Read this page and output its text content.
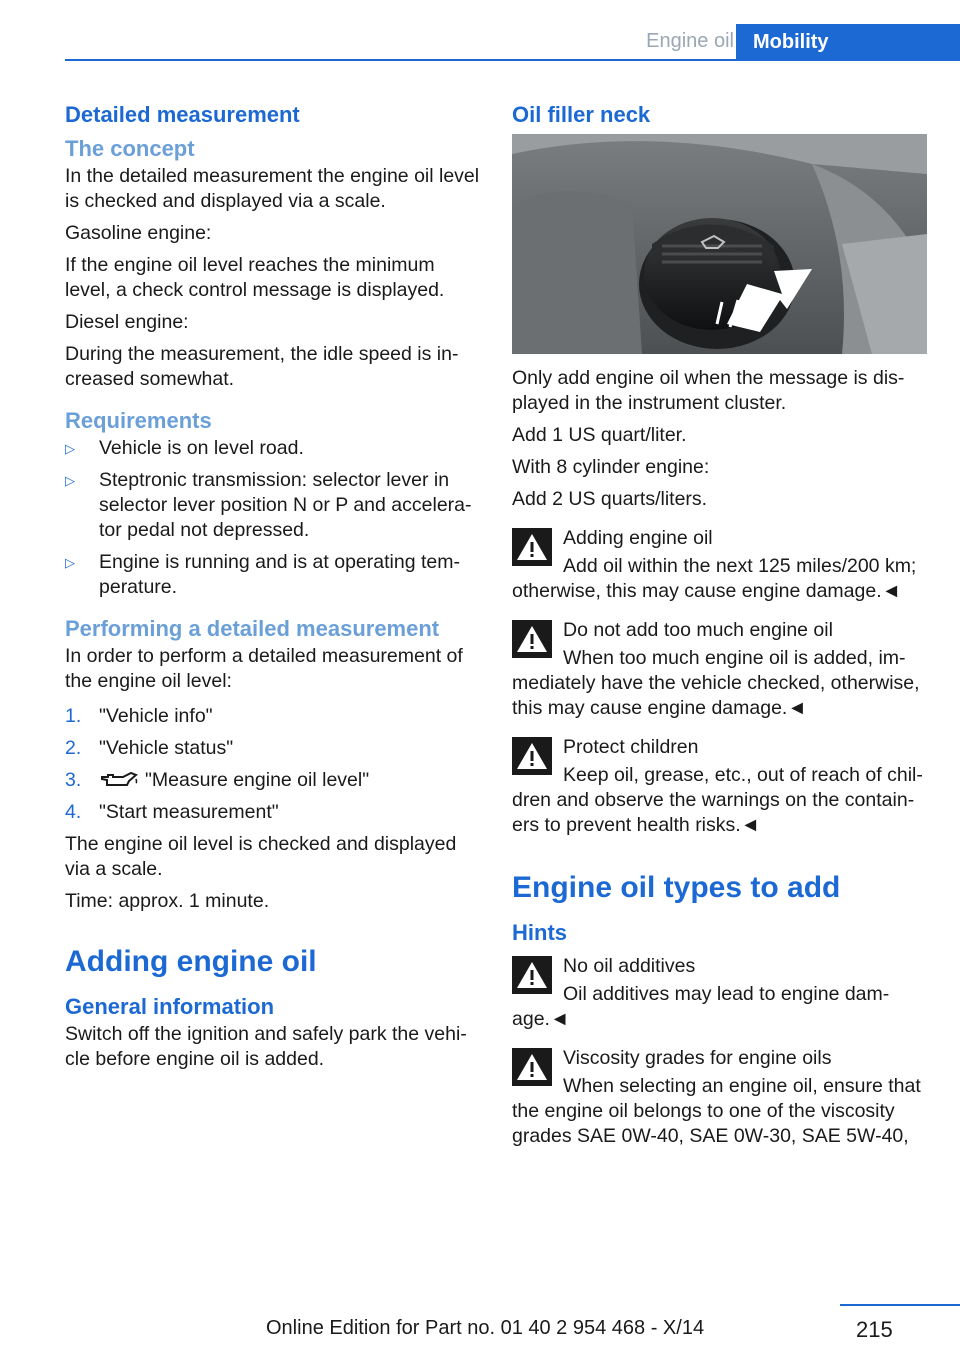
Engine oil Mobility
Detailed measurement
The concept

In the detailed measurement the engine oil level is checked and displayed via a scale.

Gasoline engine:

If the engine oil level reaches the minimum level, a check control message is displayed.

Diesel engine:

During the measurement, the idle speed is increased somewhat.

Requirements
▷	Vehicle is on level road.
▷	Steptronic transmission: selector lever in selector lever position N or P and accelerator pedal not depressed.
▷	Engine is running and is at operating temperature.
Performing a detailed measurement

In order to perform a detailed measurement of the engine oil level:

1. "Vehicle info"
2. "Vehicle status"
3.	"Measure engine oil level"
4. "Start measurement"

The engine oil level is checked and displayed via a scale.

Time: approx. 1 minute.

Adding engine oil
General information

Switch off the ignition and safely park the vehicle before engine oil is added.

Oil filler neck

Only add engine oil when the message is displayed in the instrument cluster.

Add 1 US quart/liter.

With 8 cylinder engine:

Add 2 US quarts/liters.

Adding engine oil
Add oil within the next 125 miles/200 km; otherwise, this may cause engine damage.◄
Do not add too much engine oil
When too much engine oil is added, immediately have the vehicle checked, otherwise, this may cause engine damage.◄
Protect children
Keep oil, grease, etc., out of reach of children and observe the warnings on the containers to prevent health risks.◄
Engine oil types to add
Hints
No oil additives
Oil additives may lead to engine damage.◄
Viscosity grades for engine oils
When selecting an engine oil, ensure that the engine oil belongs to one of the viscosity grades SAE 0W-40, SAE 0W-30, SAE 5W-40,
215
Online Edition for Part no. 01 40 2 954 468 - X/14
